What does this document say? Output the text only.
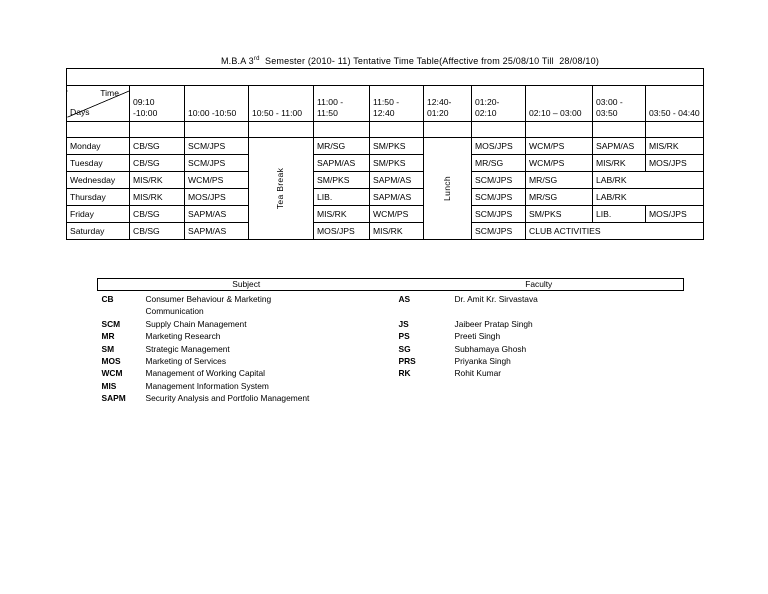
M.B.A 3rd  Semester (2010- 11) Tentative Time Table(Affective from 25/08/10 Till  28/08/10)

Time
Days	09:10 -10:00	10:00 -10:50	10:50 - 11:00	11:00 - 11:50	11:50 - 12:40	12:40- 01:20	01:20- 02:10	02:10 – 03:00	03:00 - 03:50	03:50 - 04:40

Monday	CB/SG	SCM/JPS	Tea Break	MR/SG	SM/PKS	Lunch	MOS/JPS	WCM/PS	SAPM/AS	MIS/RK
Tuesday	CB/SG	SCM/JPS		SAPM/AS	SM/PKS		MR/SG	WCM/PS	MIS/RK	MOS/JPS
Wednesday	MIS/RK	WCM/PS		SM/PKS	SAPM/AS		SCM/JPS	MR/SG	LAB/RK	
Thursday	MIS/RK	MOS/JPS		LIB.	SAPM/AS		SCM/JPS	MR/SG	LAB/RK	
Friday	CB/SG	SAPM/AS		MIS/RK	WCM/PS		SCM/JPS	SM/PKS	LIB.	MOS/JPS
Saturday	CB/SG	SAPM/AS		MOS/JPS	MIS/RK		SCM/JPS	CLUB ACTIVITIES		
Subject		Faculty	
CB	Consumer Behaviour & Marketing	AS	Dr. Amit Kr. Sirvastava
	Communication		
SCM	Supply Chain Management	JS	Jaibeer Pratap Singh
MR	Marketing Research	PS	Preeti Singh
SM	Strategic Management	SG	Subhamaya Ghosh
MOS	Marketing of Services	PRS	Priyanka Singh
WCM	Management of Working Capital	RK	Rohit Kumar
MIS	Management Information System		
SAPM	Security Analysis and Portfolio Management		
